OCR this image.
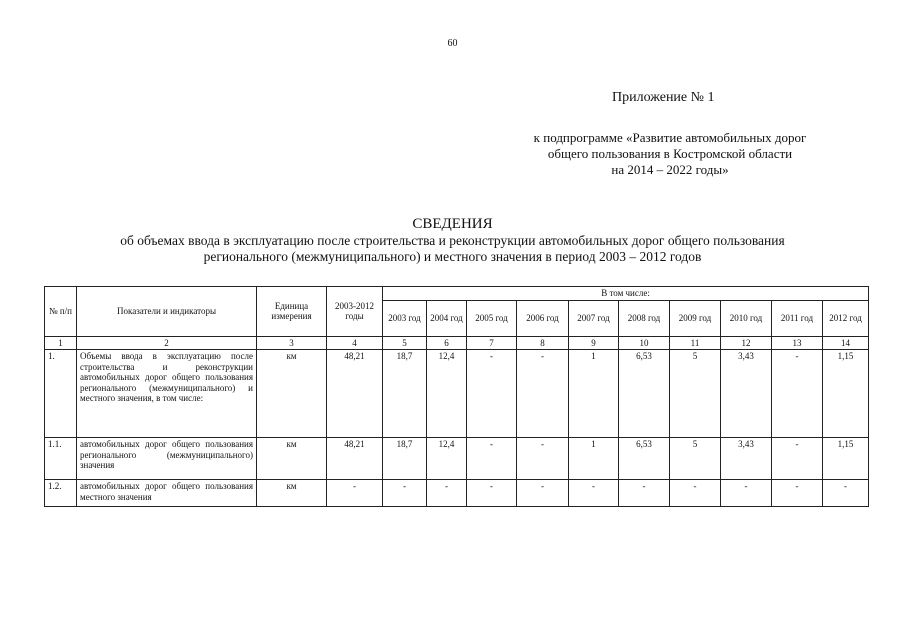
60
Приложение № 1
к подпрограмме «Развитие автомобильных дорог
общего пользования в Костромской области
на 2014 – 2022 годы»
СВЕДЕНИЯ
об объемах ввода в эксплуатацию после строительства и реконструкции автомобильных дорог общего пользования
регионального (межмуниципального) и местного значения в период 2003 – 2012 годов
№ п/п	Показатели и индикаторы	Единица измерения	2003-2012 годы	В том числе:									
				2003 год	2004 год	2005 год	2006 год	2007 год	2008 год	2009 год	2010 год	2011 год	2012 год
1	2	3	4	5	6	7	8	9	10	11	12	13	14
1.	Объемы ввода в эксплуатацию после строительства и реконструкции автомобильных дорог общего пользования регионального (межмуниципального) и местного значения, в том числе:	км	48,21	18,7	12,4	-	-	1	6,53	5	3,43	-	1,15
1.1.	автомобильных дорог общего пользования регионального (межмуниципального) значения	км	48,21	18,7	12,4	-	-	1	6,53	5	3,43	-	1,15
1.2.	автомобильных дорог общего пользования местного значения	км	-	-	-	-	-	-	-	-	-	-	-
